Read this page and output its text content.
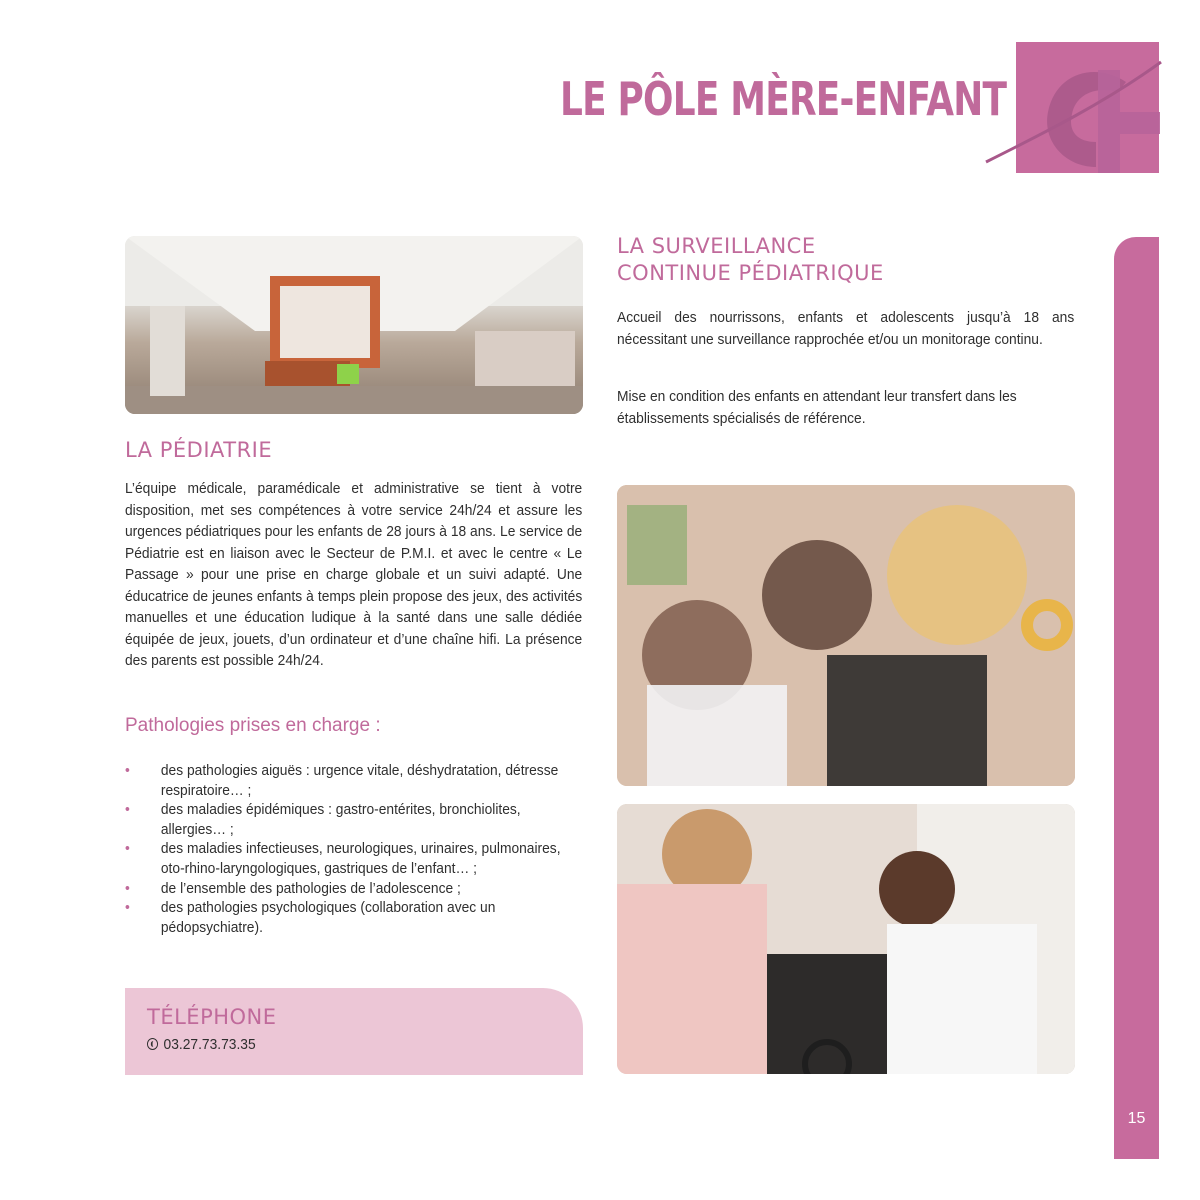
LE PÔLE MÈRE-ENFANT
LA PÉDIATRIE

L’équipe médicale, paramédicale et administrative se tient à votre disposition, met ses compétences à votre service 24h/24 et assure les urgences pédiatriques pour les enfants de 28 jours à 18 ans. Le service de Pédiatrie est en liaison avec le Secteur de P.M.I. et avec le centre « Le Passage » pour une prise en charge globale et un suivi adapté. Une éducatrice de jeunes enfants à temps plein propose des jeux, des activités manuelles et une éducation ludique à la santé dans une salle dédiée équipée de jeux, jouets, d’un ordinateur et d’une chaîne hifi. La présence des parents est possible 24h/24.

Pathologies prises en charge :
• des pathologies aiguës : urgence vitale, déshydratation, détresse respiratoire… ;
• des maladies épidémiques : gastro-entérites, bronchiolites, allergies… ;
• des maladies infectieuses, neurologiques, urinaires, pulmonaires, oto-rhino-laryngologiques, gastriques de l’enfant… ;
• de l’ensemble des pathologies de l’adolescence ;
• des pathologies psychologiques (collaboration avec un pédopsychiatre).
TÉLÉPHONE
03.27.73.73.35
LA SURVEILLANCE
CONTINUE PÉDIATRIQUE

Accueil des nourrissons, enfants et adolescents jusqu’à 18 ans nécessitant une surveillance rapprochée et/ou un monitorage continu.

Mise en condition des enfants en attendant leur transfert dans les établissements spécialisés de référence.

15
